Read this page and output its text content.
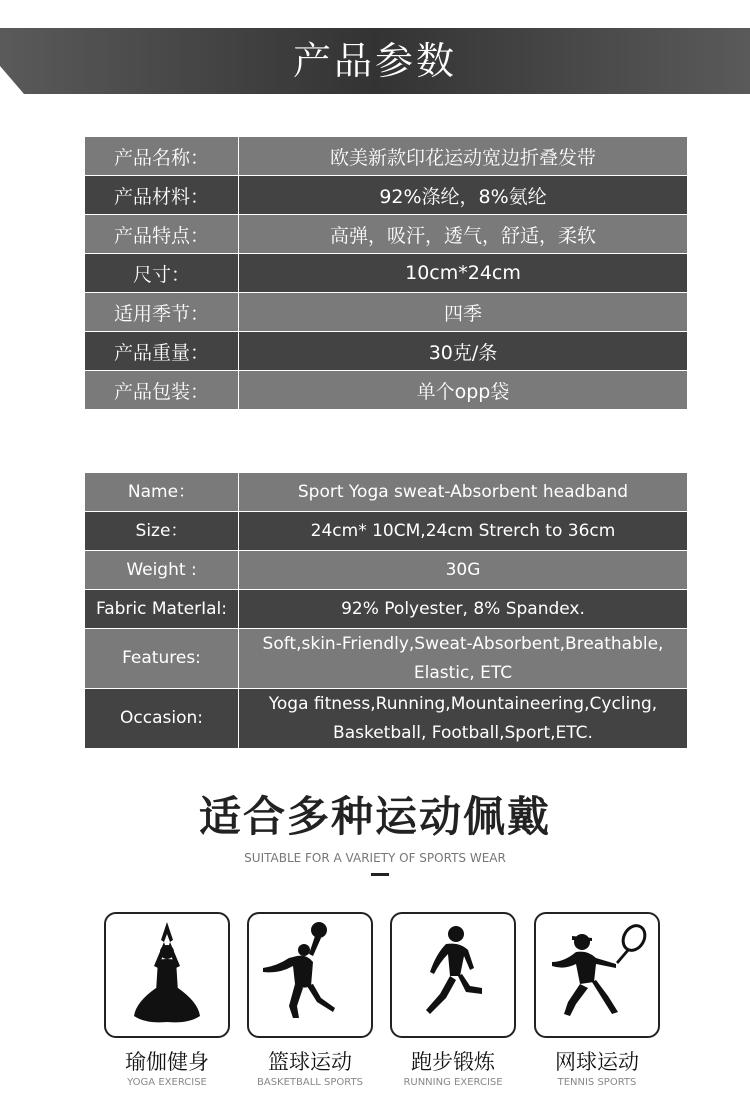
产品参数
产品名称：		欧美新款印花运动宽边折叠发带
产品材料：		92%涤纶，8%氨纶
产品特点：		高弹，吸汗，透气，舒适，柔软
尺寸：		10cm*24cm
适用季节：		四季
产品重量：		30克/条
产品包装：		单个opp袋
Name：		Sport Yoga sweat-Absorbent headband
Size：		24cm* 10CM,24cm Strerch to 36cm
Weight :		30G
Fabric MaterIal:		92% Polyester, 8% Spandex.
Features:		Soft,skin-Friendly,Sweat-Absorbent,Breathable,
Elastic, ETC

Occasion:		Yoga fitness,Running,Mountaineering,Cycling,
Basketball, Football,Sport,ETC.
适合多种运动佩戴
SUITABLE FOR A VARIETY OF SPORTS WEAR
瑜伽健身
YOGA EXERCISE
篮球运动
BASKETBALL SPORTS
跑步锻炼
RUNNING EXERCISE
网球运动
TENNIS SPORTS
